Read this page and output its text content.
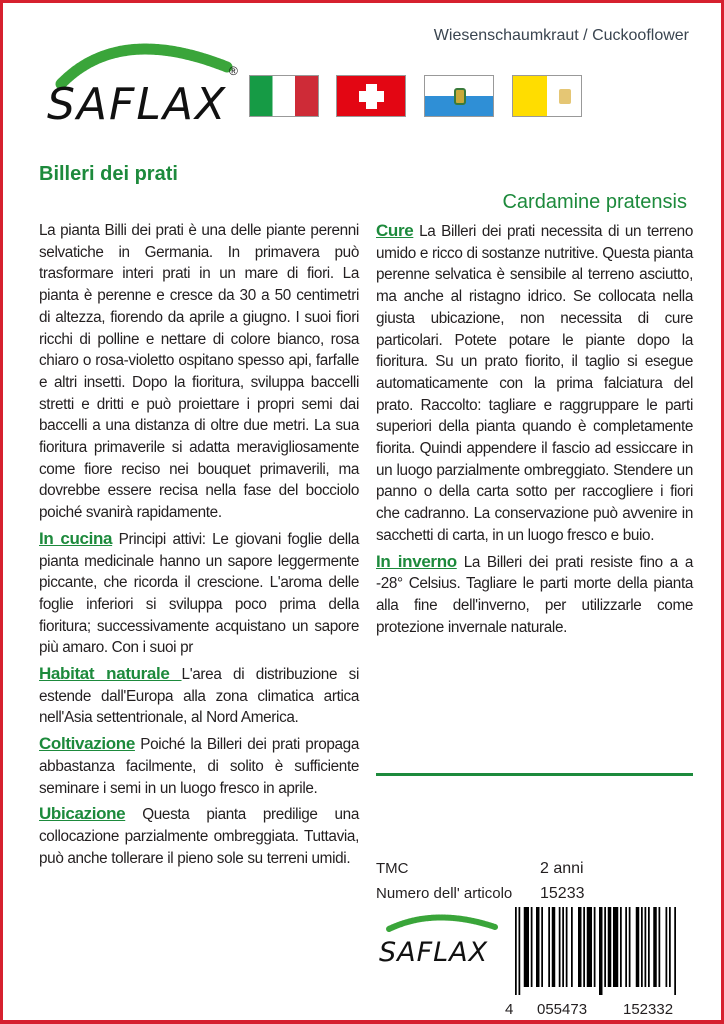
SAFLAX
®
Wiesenschaumkraut / Cuckooflower
Billeri dei prati
Cardamine pratensis

La pianta Billi dei prati è una delle piante perenni selvatiche in Germania. In primavera può trasformare interi prati in un mare di fiori. La pianta è perenne e cresce da 30 a 50 centimetri di altezza, fiorendo da aprile a giugno. I suoi fiori ricchi di polline e nettare di colore bianco, rosa chiaro o rosa-violetto ospitano spesso api, farfalle e altri insetti. Dopo la fioritura, sviluppa baccelli stretti e dritti e può proiettare i propri semi dai baccelli a una distanza di oltre due metri. La sua fioritura primaverile si adatta meravigliosamente come fiore reciso nei bouquet primaverili, ma dovrebbe essere recisa nella fase del bocciolo poiché svanirà rapidamente.

In cucina Principi attivi: Le giovani foglie della pianta medicinale hanno un sapore leggermente piccante, che ricorda il crescione. L'aroma delle foglie inferiori si sviluppa poco prima della fioritura; successivamente acquistano un sapore più amaro. Con i suoi pr

Habitat naturale L'area di distribuzione si estende dall'Europa alla zona climatica artica nell'Asia settentrionale, al Nord America.

Coltivazione Poiché la Billeri dei prati propaga abbastanza facilmente, di solito è sufficiente seminare i semi in un luogo fresco in aprile.

Ubicazione Questa pianta predilige una collocazione parzialmente ombreggiata. Tuttavia, può anche tollerare il pieno sole su terreni umidi.

Cure La Billeri dei prati necessita di un terreno umido e ricco di sostanze nutritive. Questa pianta perenne selvatica è sensibile al terreno asciutto, ma anche al ristagno idrico. Se collocata nella giusta ubicazione, non necessita di cure particolari. Potete potare le piante dopo la fioritura. Su un prato fiorito, il taglio si esegue automaticamente con la prima falciatura del prato. Raccolto: tagliare e raggruppare le parti superiori della pianta quando è completamente fiorita. Quindi appendere il fascio ad essiccare in un luogo parzialmente ombreggiato. Stendere un panno o della carta sotto per raccogliere i fiori che cadranno. La conservazione può avvenire in sacchetti di carta, in un luogo fresco e buio.

In inverno La Billeri dei prati resiste fino a a -28° Celsius. Tagliare le parti morte della pianta alla fine dell'inverno, per utilizzarle come protezione invernale naturale.

TMC	2 anni
Numero dell' articolo 15233
SAFLAX
4 055473 152332
